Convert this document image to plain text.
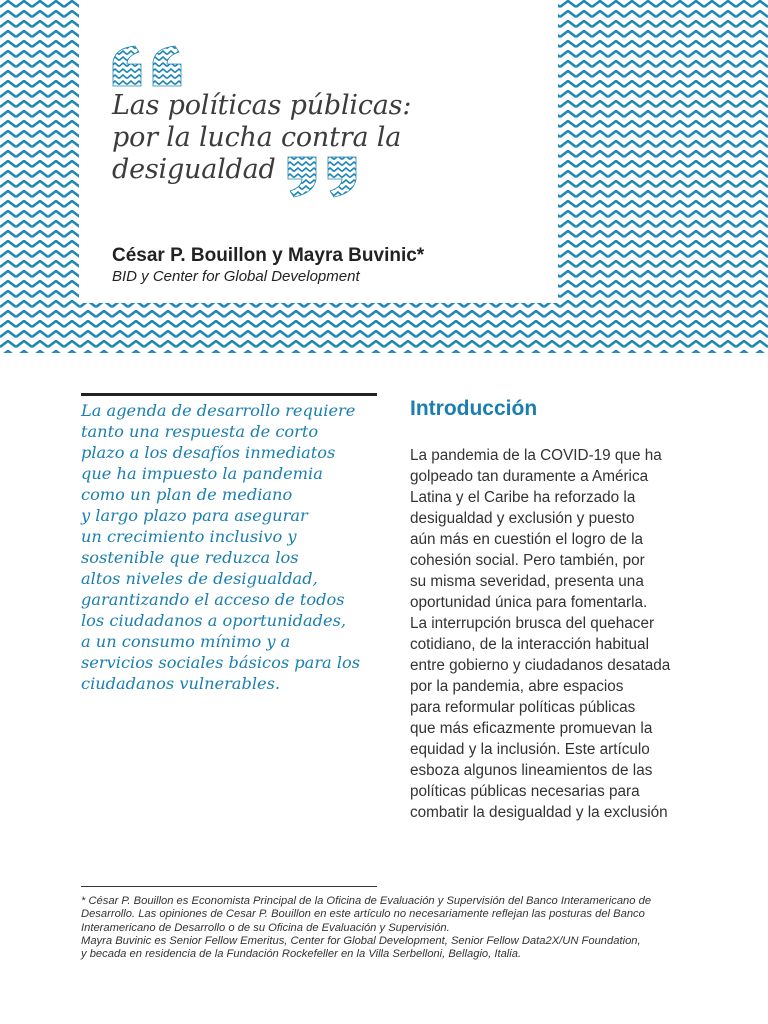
Las políticas públicas:
por la lucha contra la
desigualdad
César P. Bouillon y Mayra Buvinic*
BID y Center for Global Development
La agenda de desarrollo requiere
tanto una respuesta de corto
plazo a los desafíos inmediatos
que ha impuesto la pandemia
como un plan de mediano
y largo plazo para asegurar
un crecimiento inclusivo y
sostenible que reduzca los
altos niveles de desigualdad,
garantizando el acceso de todos
los ciudadanos a oportunidades,
a un consumo mínimo y a
servicios sociales básicos para los
ciudadanos vulnerables.
Introducción
La pandemia de la COVID-19 que ha
golpeado tan duramente a América
Latina y el Caribe ha reforzado la
desigualdad y exclusión y puesto
aún más en cuestión el logro de la
cohesión social. Pero también, por
su misma severidad, presenta una
oportunidad única para fomentarla.
La interrupción brusca del quehacer
cotidiano, de la interacción habitual
entre gobierno y ciudadanos desatada
por la pandemia, abre espacios
para reformular políticas públicas
que más eficazmente promuevan la
equidad y la inclusión. Este artículo
esboza algunos lineamientos de las
políticas públicas necesarias para
combatir la desigualdad y la exclusión
* César P. Bouillon es Economista Principal de la Oficina de Evaluación y Supervisión del Banco Interamericano de
Desarrollo. Las opiniones de Cesar P. Bouillon en este artículo no necesariamente reflejan las posturas del Banco
Interamericano de Desarrollo o de su Oficina de Evaluación y Supervisión.
Mayra Buvinic es Senior Fellow Emeritus, Center for Global Development, Senior Fellow Data2X/UN Foundation,
y becada en residencia de la Fundación Rockefeller en la Villa Serbelloni, Bellagio, Italia.
